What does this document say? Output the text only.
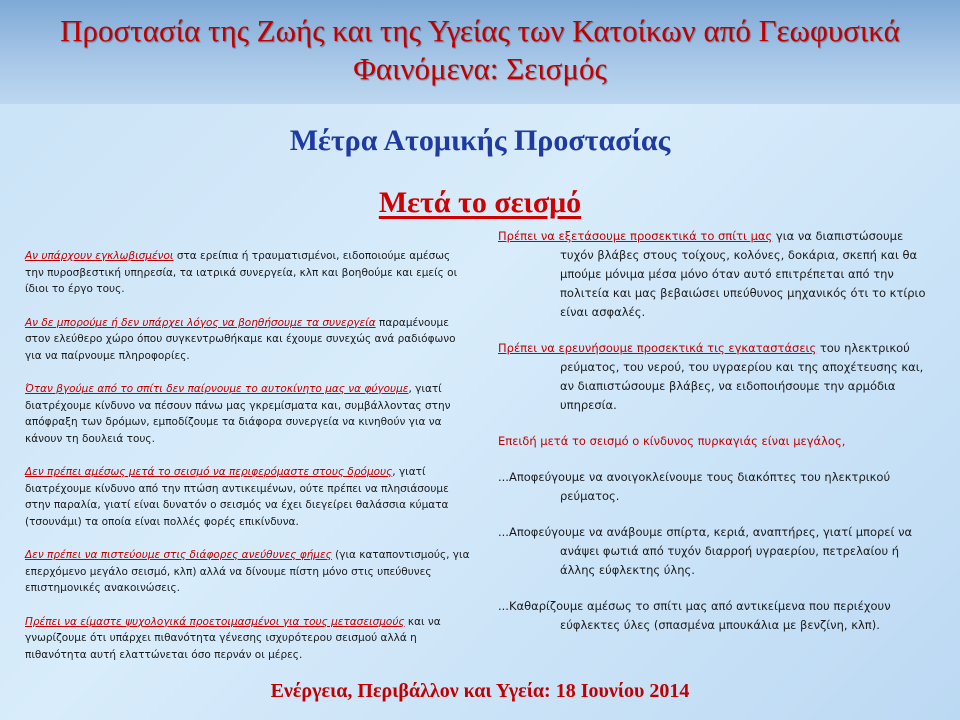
Προστασία της Ζωής και της Υγείας των Κατοίκων από Γεωφυσικά Φαινόμενα: Σεισμός
Μέτρα Ατομικής Προστασίας
Μετά το σεισμό

Αν υπάρχουν εγκλωβισμένοι στα ερείπια ή τραυματισμένοι, ειδοποιούμε αμέσως την πυροσβεστική υπηρεσία, τα ιατρικά συνεργεία, κλπ και βοηθούμε και εμείς οι ίδιοι το έργο τους.

Αν δε μπορούμε ή δεν υπάρχει λόγος να βοηθήσουμε τα συνεργεία παραμένουμε στον ελεύθερο χώρο όπου συγκεντρωθήκαμε και έχουμε συνεχώς ανά ραδιόφωνο για να παίρνουμε πληροφορίες.

Όταν βγούμε από το σπίτι δεν παίρνουμε το αυτοκίνητο μας να φύγουμε, γιατί διατρέχουμε κίνδυνο να πέσουν πάνω μας γκρεμίσματα και, συμβάλλοντας στην απόφραξη των δρόμων, εμποδίζουμε τα διάφορα συνεργεία να κινηθούν για να κάνουν τη δουλειά τους.

Δεν πρέπει αμέσως μετά το σεισμό να περιφερόμαστε στους δρόμους, γιατί διατρέχουμε κίνδυνο από την πτώση αντικειμένων, ούτε πρέπει να πλησιάσουμε στην παραλία, γιατί είναι δυνατόν ο σεισμός να έχει διεγείρει θαλάσσια κύματα (τσουνάμι) τα οποία είναι πολλές φορές επικίνδυνα.

Δεν πρέπει να πιστεύουμε στις διάφορες ανεύθυνες φήμες (για καταποντισμούς, για επερχόμενο μεγάλο σεισμό, κλπ) αλλά να δίνουμε πίστη μόνο στις υπεύθυνες επιστημονικές ανακοινώσεις.

Πρέπει να είμαστε ψυχολογικά προετοιμασμένοι για τους μετασεισμούς και να γνωρίζουμε ότι υπάρχει πιθανότητα γένεσης ισχυρότερου σεισμού αλλά η πιθανότητα αυτή ελαττώνεται όσο περνάν οι μέρες.

Πρέπει να εξετάσουμε προσεκτικά το σπίτι μας για να διαπιστώσουμε τυχόν βλάβες στους τοίχους, κολόνες, δοκάρια, σκεπή και θα μπούμε μόνιμα μέσα μόνο όταν αυτό επιτρέπεται από την πολιτεία και μας βεβαιώσει υπεύθυνος μηχανικός ότι το κτίριο είναι ασφαλές.

Πρέπει να ερευνήσουμε προσεκτικά τις εγκαταστάσεις του ηλεκτρικού ρεύματος, του νερού, του υγραερίου και της αποχέτευσης και, αν διαπιστώσουμε βλάβες, να ειδοποιήσουμε την αρμόδια υπηρεσία.

Επειδή μετά το σεισμό ο κίνδυνος πυρκαγιάς είναι μεγάλος,

...Αποφεύγουμε να ανοιγοκλείνουμε τους διακόπτες του ηλεκτρικού ρεύματος.

...Αποφεύγουμε να ανάβουμε σπίρτα, κεριά, αναπτήρες, γιατί μπορεί να ανάψει φωτιά από τυχόν διαρροή υγραερίου, πετρελαίου ή άλλης εύφλεκτης ύλης.

...Καθαρίζουμε αμέσως το σπίτι μας από αντικείμενα που περιέχουν εύφλεκτες ύλες (σπασμένα μπουκάλια με βενζίνη, κλπ).

Ενέργεια, Περιβάλλον και Υγεία: 18 Ιουνίου 2014
